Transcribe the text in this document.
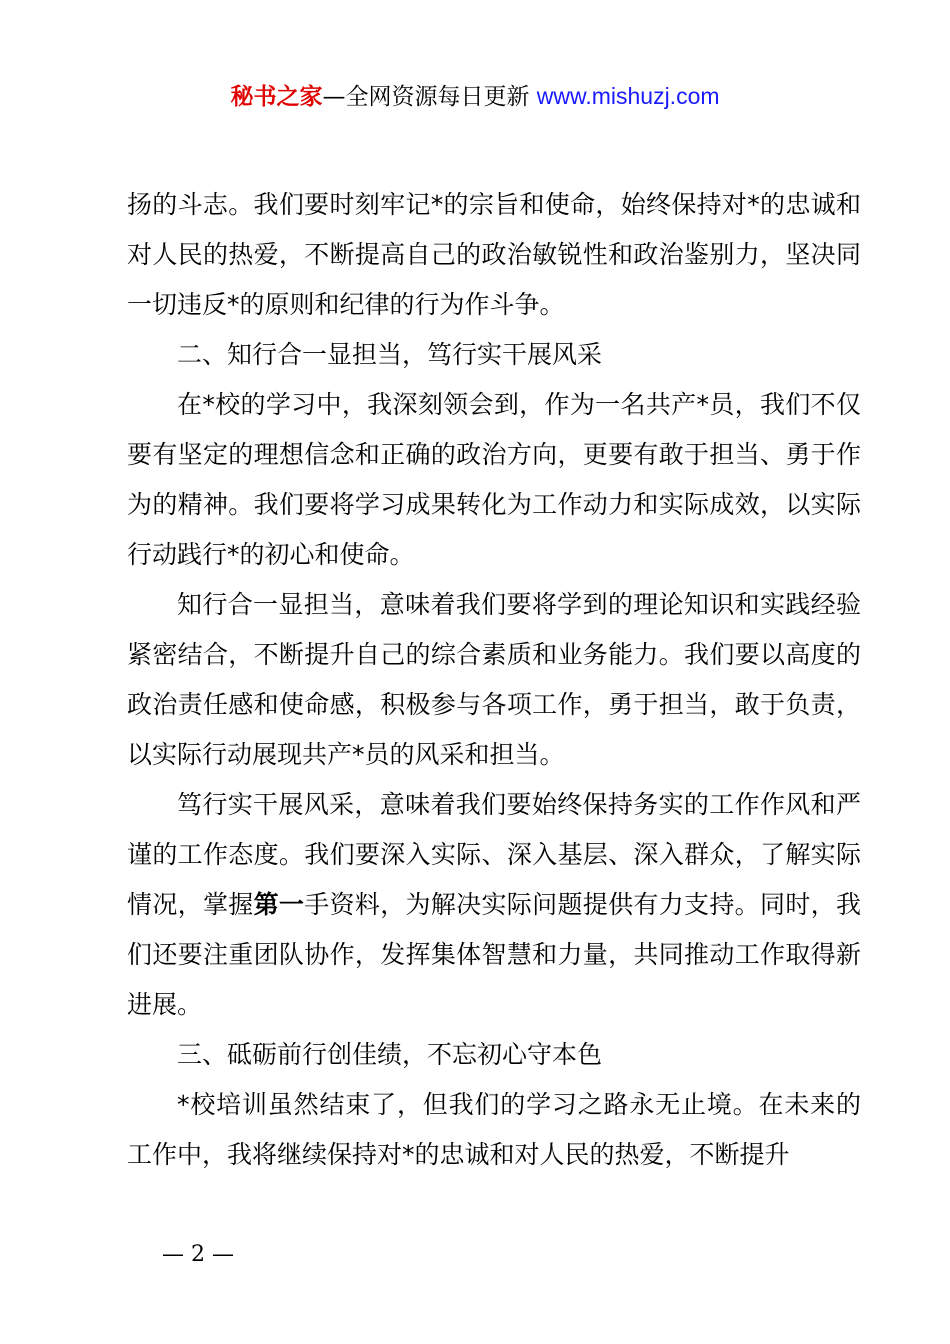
秘书之家—全网资源每日更新 www.mishuzj.com

扬的斗志。我们要时刻牢记*的宗旨和使命，始终保持对*的忠诚和对人民的热爱，不断提高自己的政治敏锐性和政治鉴别力，坚决同一切违反*的原则和纪律的行为作斗争。

二、知行合一显担当，笃行实干展风采

在*校的学习中，我深刻领会到，作为一名共产*员，我们不仅要有坚定的理想信念和正确的政治方向，更要有敢于担当、勇于作为的精神。我们要将学习成果转化为工作动力和实际成效，以实际行动践行*的初心和使命。

知行合一显担当，意味着我们要将学到的理论知识和实践经验紧密结合，不断提升自己的综合素质和业务能力。我们要以高度的政治责任感和使命感，积极参与各项工作，勇于担当，敢于负责，以实际行动展现共产*员的风采和担当。

笃行实干展风采，意味着我们要始终保持务实的工作作风和严谨的工作态度。我们要深入实际、深入基层、深入群众，了解实际情况，掌握第一手资料，为解决实际问题提供有力支持。同时，我们还要注重团队协作，发挥集体智慧和力量，共同推动工作取得新进展。

三、砥砺前行创佳绩，不忘初心守本色

*校培训虽然结束了，但我们的学习之路永无止境。在未来的工作中，我将继续保持对*的忠诚和对人民的热爱，不断提升

— 2 —
